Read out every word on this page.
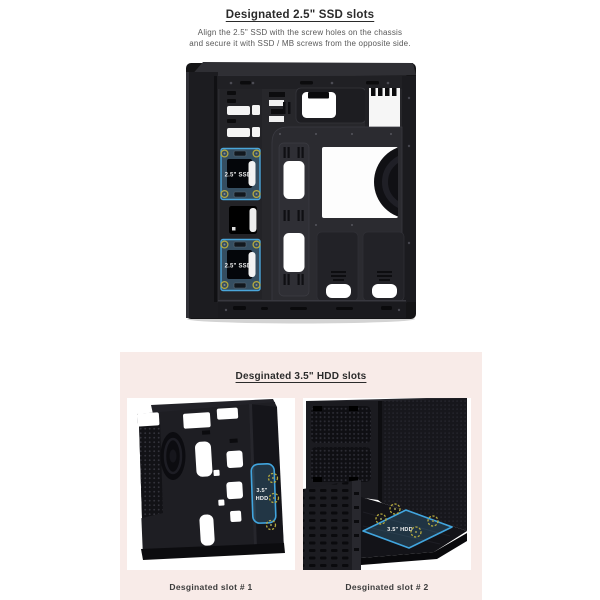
Designated 2.5" SSD slots
Align the 2.5" SSD with the screw holes on the chassis
and secure it with SSD / MB screws from the opposite side.
2.5" SSD
2.5" SSD
Desginated 3.5" HDD slots
3.5"
HDD
3.5" HDD
Desginated slot # 1	Desginated slot # 2
